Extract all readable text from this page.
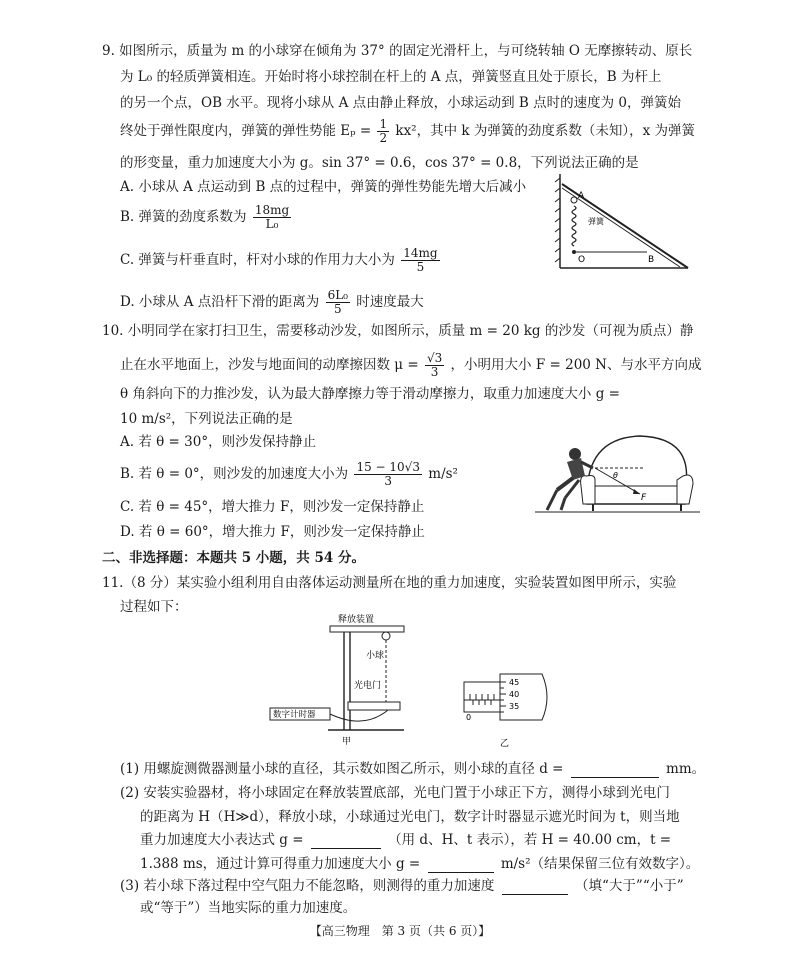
9. 如图所示，质量为 m 的小球穿在倾角为 37° 的固定光滑杆上，与可绕转轴 O 无摩擦转动、原长
为 L₀ 的轻质弹簧相连。开始时将小球控制在杆上的 A 点，弹簧竖直且处于原长，B 为杆上
的另一个点，OB 水平。现将小球从 A 点由静止释放，小球运动到 B 点时的速度为 0，弹簧始
终处于弹性限度内，弹簧的弹性势能 $E_p = \frac{1}{2} kx^2$，其中 k 为弹簧的劲度系数（未知），x 为弹簧
的形变量，重力加速度大小为 g。sin 37° = 0.6，cos 37° = 0.8，下列说法正确的是
A. 小球从 A 点运动到 B 点的过程中，弹簧的弹性势能先增大后减小
B. 弹簧的劲度系数为 $\frac{18mg}{\text{L₀}}$
C. 弹簧与杆垂直时，杆对小球的作用力大小为 $\frac{14mg}{5}$
D. 小球从 A 点沿杆下滑的距离为 $\frac{\text{6L₀}}{5}$ 时速度最大
A
O	B
弹簧
10. 小明同学在家打扫卫生，需要移动沙发，如图所示，质量 m = 20 kg 的沙发（可视为质点）静
止在水平地面上，沙发与地面间的动摩擦因数 $\mu = \frac{√3}{3}$ ，小明用大小 F = 200 N、与水平方向成
θ 角斜向下的力推沙发，认为最大静摩擦力等于滑动摩擦力，取重力加速度大小 g =
10 m/s²，下列说法正确的是
A. 若 θ = 30°，则沙发保持静止
B. 若 θ = 0°，则沙发的加速度大小为 $\frac{15 - 10√3}{3} m/s^2$
C. 若 θ = 45°，增大推力 F，则沙发一定保持静止
D. 若 θ = 60°，增大推力 F，则沙发一定保持静止
θ
F
二、非选择题：本题共 5 小题，共 54 分。
11.（8 分）某实验小组利用自由落体运动测量所在地的重力加速度，实验装置如图甲所示，实验
过程如下：
释放装置
小球
光电门
数字计时器
甲
0
45
40
35
乙
(1) 用螺旋测微器测量小球的直径，其示数如图乙所示，则小球的直径 d =	mm。
(2) 安装实验器材，将小球固定在释放装置底部，光电门置于小球正下方，测得小球到光电门
的距离为 H（H≫d），释放小球，小球通过光电门，数字计时器显示遮光时间为 t，则当地
重力加速度大小表达式 g =	（用 d、H、t 表示），若 H = 40.00 cm，t =
1.388 ms，通过计算可得重力加速度大小 g =	m/s²（结果保留三位有效数字）。
(3) 若小球下落过程中空气阻力不能忽略，则测得的重力加速度	（填“大于”“小于”
或“等于”）当地实际的重力加速度。
【高三物理　第 3 页（共 6 页）】
